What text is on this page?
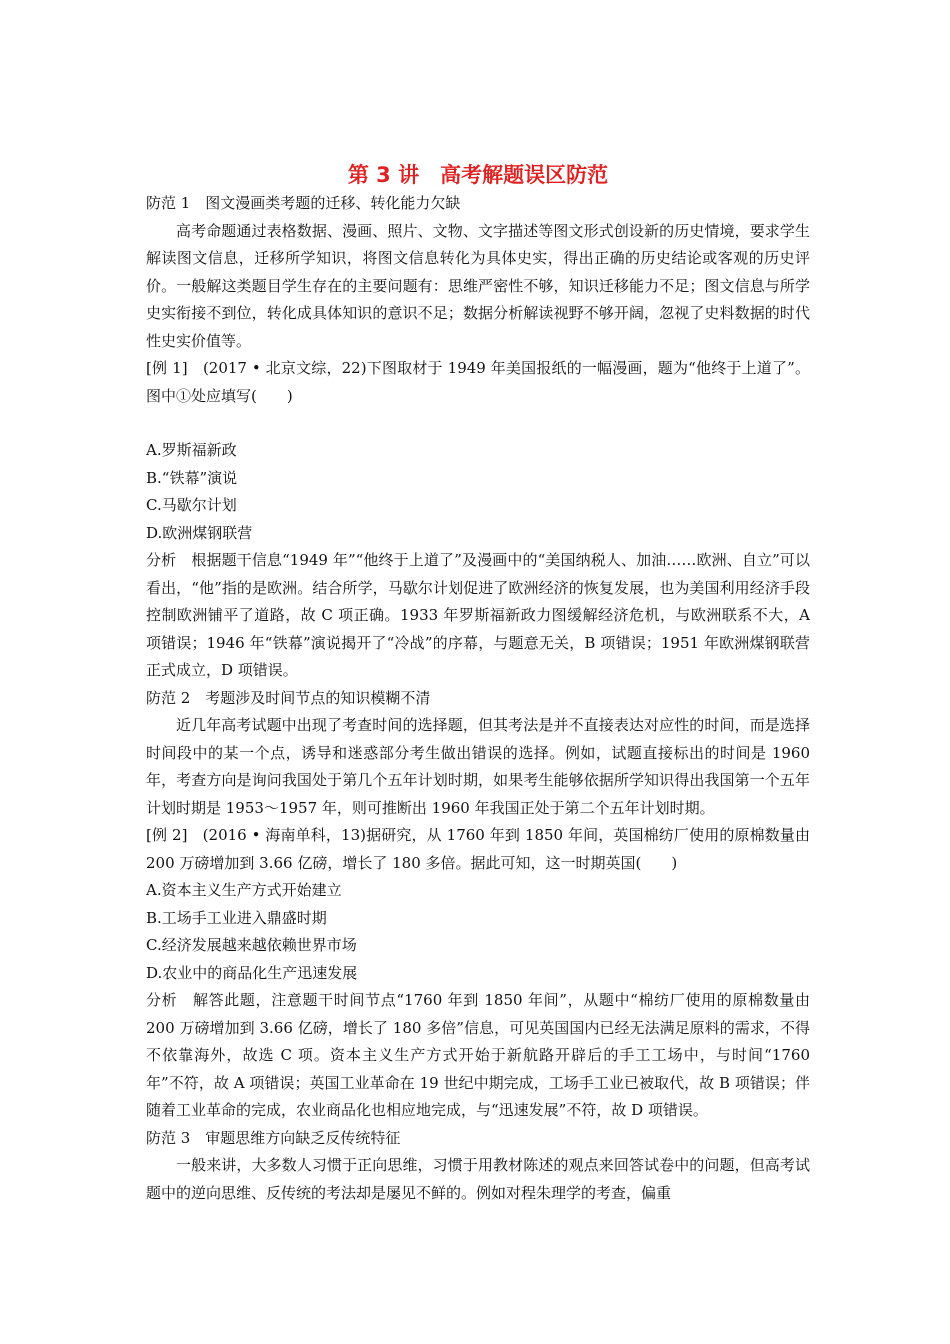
第 3 讲　高考解题误区防范

防范 1　图文漫画类考题的迁移、转化能力欠缺

高考命题通过表格数据、漫画、照片、文物、文字描述等图文形式创设新的历史情境，要求学生解读图文信息，迁移所学知识，将图文信息转化为具体史实，得出正确的历史结论或客观的历史评价。一般解这类题目学生存在的主要问题有：思维严密性不够，知识迁移能力不足；图文信息与所学史实衔接不到位，转化成具体知识的意识不足；数据分析解读视野不够开阔，忽视了史料数据的时代性史实价值等。

[例 1]　(2017 • 北京文综，22)下图取材于 1949 年美国报纸的一幅漫画，题为“他终于上道了”。图中①处应填写(　　)

A.罗斯福新政
B.“铁幕”演说
C.马歇尔计划
D.欧洲煤钢联营

分析　根据题干信息“1949 年”“他终于上道了”及漫画中的“美国纳税人、加油……欧洲、自立”可以看出，“他”指的是欧洲。结合所学，马歇尔计划促进了欧洲经济的恢复发展，也为美国利用经济手段控制欧洲铺平了道路，故 C 项正确。1933 年罗斯福新政力图缓解经济危机，与欧洲联系不大，A 项错误；1946 年“铁幕”演说揭开了“冷战”的序幕，与题意无关，B 项错误；1951 年欧洲煤钢联营正式成立，D 项错误。

防范 2　考题涉及时间节点的知识模糊不清

近几年高考试题中出现了考查时间的选择题，但其考法是并不直接表达对应性的时间，而是选择时间段中的某一个点，诱导和迷惑部分考生做出错误的选择。例如，试题直接标出的时间是 1960 年，考查方向是询问我国处于第几个五年计划时期，如果考生能够依据所学知识得出我国第一个五年计划时期是 1953～1957 年，则可推断出 1960 年我国正处于第二个五年计划时期。

[例 2]　(2016 • 海南单科，13)据研究，从 1760 年到 1850 年间，英国棉纺厂使用的原棉数量由 200 万磅增加到 3.66 亿磅，增长了 180 多倍。据此可知，这一时期英国(　　)

A.资本主义生产方式开始建立

B.工场手工业进入鼎盛时期

C.经济发展越来越依赖世界市场

D.农业中的商品化生产迅速发展

分析　解答此题，注意题干时间节点“1760 年到 1850 年间”，从题中“棉纺厂使用的原棉数量由 200 万磅增加到 3.66 亿磅，增长了 180 多倍”信息，可见英国国内已经无法满足原料的需求，不得不依靠海外，故选 C 项。资本主义生产方式开始于新航路开辟后的手工工场中，与时间“1760 年”不符，故 A 项错误；英国工业革命在 19 世纪中期完成，工场手工业已被取代，故 B 项错误；伴随着工业革命的完成，农业商品化也相应地完成，与“迅速发展”不符，故 D 项错误。

防范 3　审题思维方向缺乏反传统特征

一般来讲，大多数人习惯于正向思维，习惯于用教材陈述的观点来回答试卷中的问题，但高考试题中的逆向思维、反传统的考法却是屡见不鲜的。例如对程朱理学的考查，偏重
